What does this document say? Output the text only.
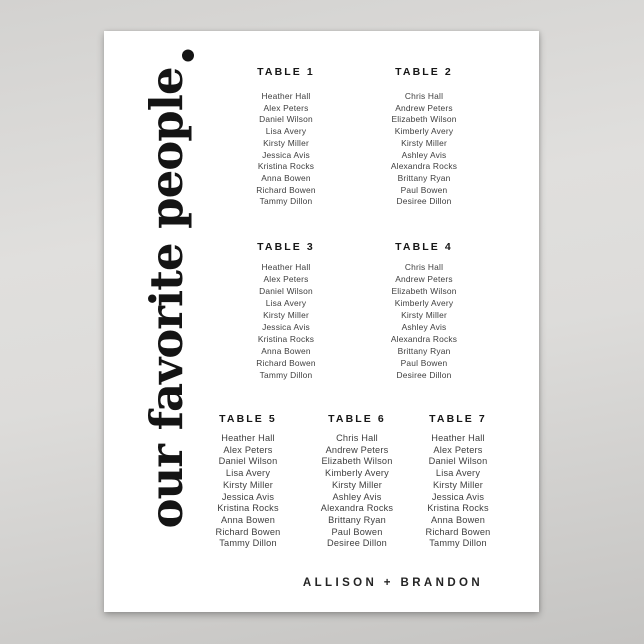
our favorite people	TABLE 1
Heather Hall
Alex Peters
Daniel Wilson
Lisa Avery
Kirsty Miller
Jessica Avis
Kristina Rocks
Anna Bowen
Richard Bowen
Tammy Dillon
TABLE 2
Chris Hall
Andrew Peters
Elizabeth Wilson
Kimberly Avery
Kirsty Miller
Ashley Avis
Alexandra Rocks
Brittany Ryan
Paul Bowen
Desiree Dillon
TABLE 3
Heather Hall
Alex Peters
Daniel Wilson
Lisa Avery
Kirsty Miller
Jessica Avis
Kristina Rocks
Anna Bowen
Richard Bowen
Tammy Dillon
TABLE 4
Chris Hall
Andrew Peters
Elizabeth Wilson
Kimberly Avery
Kirsty Miller
Ashley Avis
Alexandra Rocks
Brittany Ryan
Paul Bowen
Desiree Dillon
TABLE 5
Heather Hall
Alex Peters
Daniel Wilson
Lisa Avery
Kirsty Miller
Jessica Avis
Kristina Rocks
Anna Bowen
Richard Bowen
Tammy Dillon
TABLE 6
Chris Hall
Andrew Peters
Elizabeth Wilson
Kimberly Avery
Kirsty Miller
Ashley Avis
Alexandra Rocks
Brittany Ryan
Paul Bowen
Desiree Dillon
TABLE 7
Heather Hall
Alex Peters
Daniel Wilson
Lisa Avery
Kirsty Miller
Jessica Avis
Kristina Rocks
Anna Bowen
Richard Bowen
Tammy Dillon
ALLISON + BRANDON
